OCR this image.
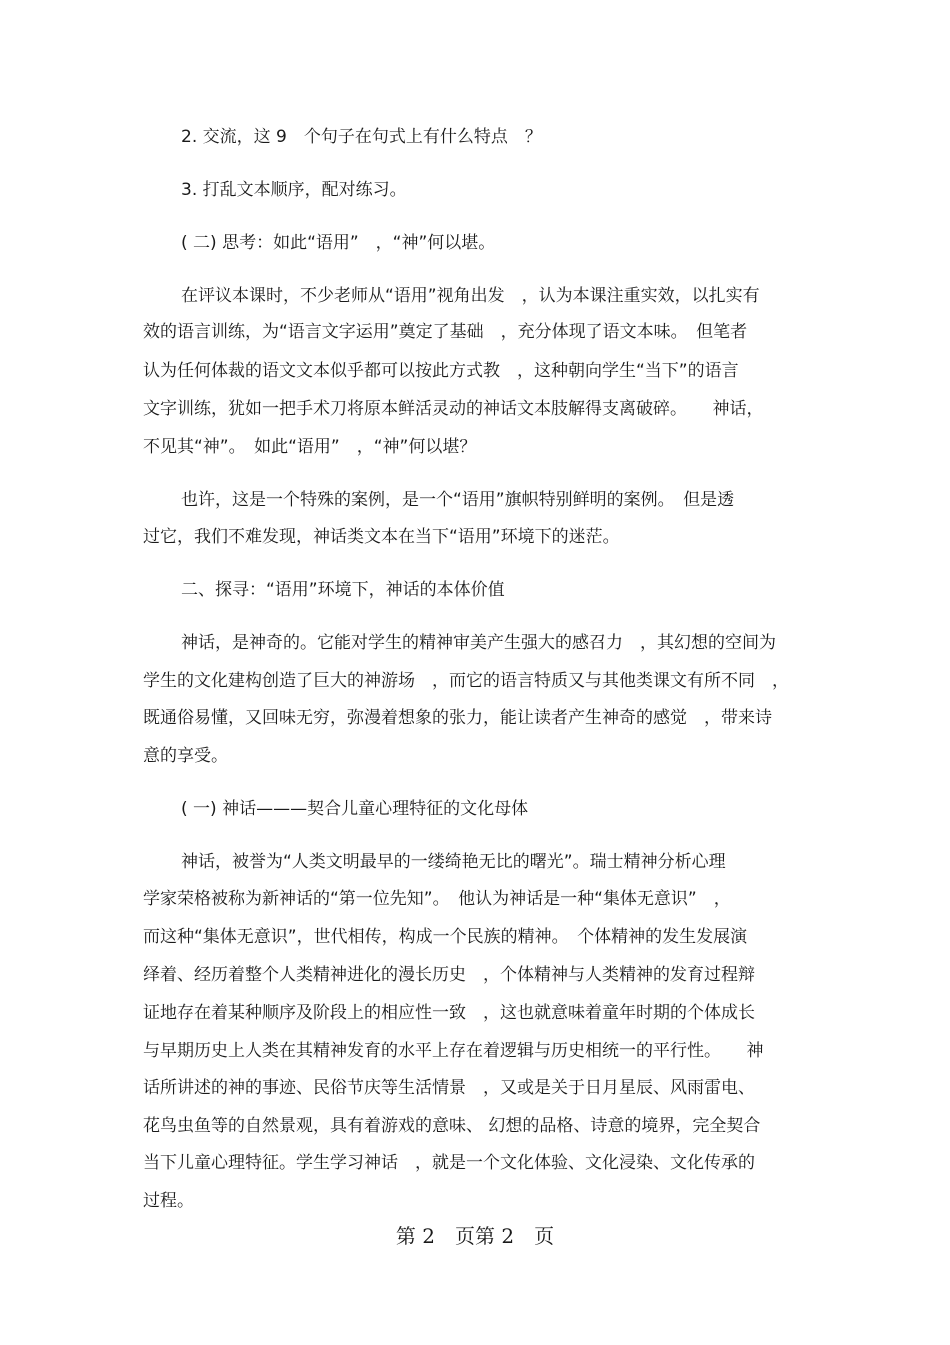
2. 交流，这 9　个句子在句式上有什么特点　？
3. 打乱文本顺序，配对练习。
( 二) 思考：如此“语用”　，“神”何以堪。
在评议本课时，不少老师从“语用”视角出发　，认为本课注重实效，以扎实有
效的语言训练，为“语言文字运用”奠定了基础　，充分体现了语文本味。　但笔者
认为任何体裁的语文文本似乎都可以按此方式教　，这种朝向学生“当下”的语言
文字训练，犹如一把手术刀将原本鲜活灵动的神话文本肢解得支离破碎。　　神话，
不见其“神”。　如此“语用”　，“神”何以堪？
也许，这是一个特殊的案例，是一个“语用”旗帜特别鲜明的案例。　但是透
过它，我们不难发现，神话类文本在当下“语用”环境下的迷茫。
二、探寻：“语用”环境下，神话的本体价值
神话，是神奇的。它能对学生的精神审美产生强大的感召力　，其幻想的空间为
学生的文化建构创造了巨大的神游场　，而它的语言特质又与其他类课文有所不同　，
既通俗易懂，又回味无穷，弥漫着想象的张力，能让读者产生神奇的感觉　，带来诗
意的享受。
( 一) 神话———契合儿童心理特征的文化母体
神话，被誉为“人类文明最早的一缕绮艳无比的曙光”。瑞士精神分析心理
学家荣格被称为新神话的“第一位先知”。　他认为神话是一种“集体无意识”　，
而这种“集体无意识”，世代相传，构成一个民族的精神。　个体精神的发生发展演
绎着、经历着整个人类精神进化的漫长历史　，个体精神与人类精神的发育过程辩
证地存在着某种顺序及阶段上的相应性一致　，这也就意味着童年时期的个体成长
与早期历史上人类在其精神发育的水平上存在着逻辑与历史相统一的平行性。　　神
话所讲述的神的事迹、民俗节庆等生活情景　，又或是关于日月星辰、风雨雷电、
花鸟虫鱼等的自然景观，具有着游戏的意味、 幻想的品格、诗意的境界，完全契合
当下儿童心理特征。学生学习神话　，就是一个文化体验、文化浸染、文化传承的
过程。
第 2　页第 2　页
